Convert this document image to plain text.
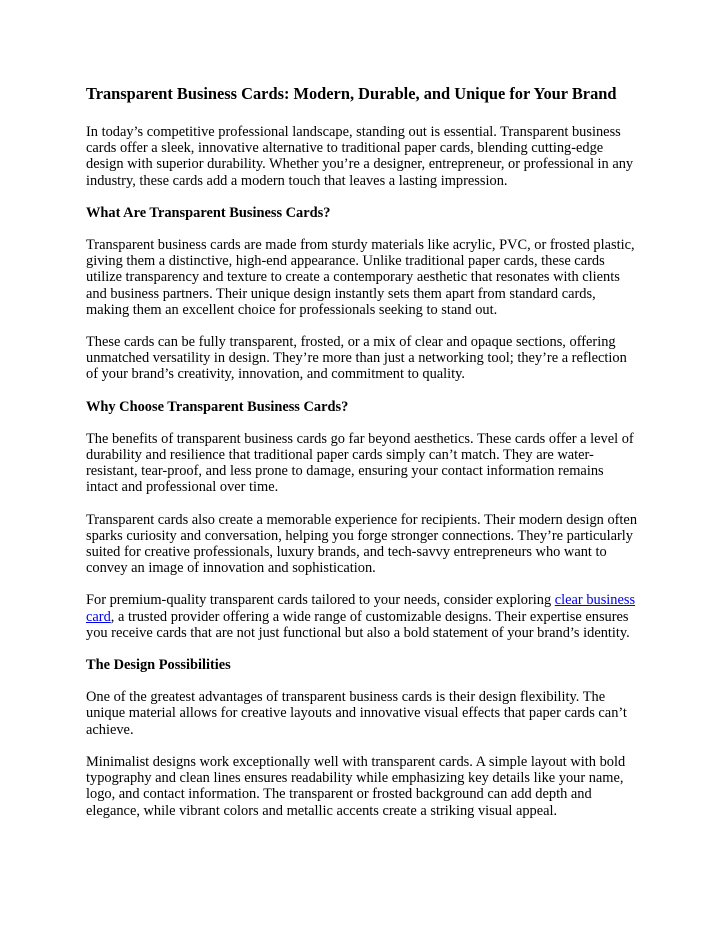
Transparent Business Cards: Modern, Durable, and Unique for Your Brand

In today’s competitive professional landscape, standing out is essential. Transparent business cards offer a sleek, innovative alternative to traditional paper cards, blending cutting-edge design with superior durability. Whether you’re a designer, entrepreneur, or professional in any industry, these cards add a modern touch that leaves a lasting impression.

What Are Transparent Business Cards?

Transparent business cards are made from sturdy materials like acrylic, PVC, or frosted plastic, giving them a distinctive, high-end appearance. Unlike traditional paper cards, these cards utilize transparency and texture to create a contemporary aesthetic that resonates with clients and business partners. Their unique design instantly sets them apart from standard cards, making them an excellent choice for professionals seeking to stand out.

These cards can be fully transparent, frosted, or a mix of clear and opaque sections, offering unmatched versatility in design. They’re more than just a networking tool; they’re a reflection of your brand’s creativity, innovation, and commitment to quality.

Why Choose Transparent Business Cards?

The benefits of transparent business cards go far beyond aesthetics. These cards offer a level of durability and resilience that traditional paper cards simply can’t match. They are water-resistant, tear-proof, and less prone to damage, ensuring your contact information remains intact and professional over time.

Transparent cards also create a memorable experience for recipients. Their modern design often sparks curiosity and conversation, helping you forge stronger connections. They’re particularly suited for creative professionals, luxury brands, and tech-savvy entrepreneurs who want to convey an image of innovation and sophistication.

For premium-quality transparent cards tailored to your needs, consider exploring clear business card, a trusted provider offering a wide range of customizable designs. Their expertise ensures you receive cards that are not just functional but also a bold statement of your brand’s identity.

The Design Possibilities

One of the greatest advantages of transparent business cards is their design flexibility. The unique material allows for creative layouts and innovative visual effects that paper cards can’t achieve.

Minimalist designs work exceptionally well with transparent cards. A simple layout with bold typography and clean lines ensures readability while emphasizing key details like your name, logo, and contact information. The transparent or frosted background can add depth and elegance, while vibrant colors and metallic accents create a striking visual appeal.
